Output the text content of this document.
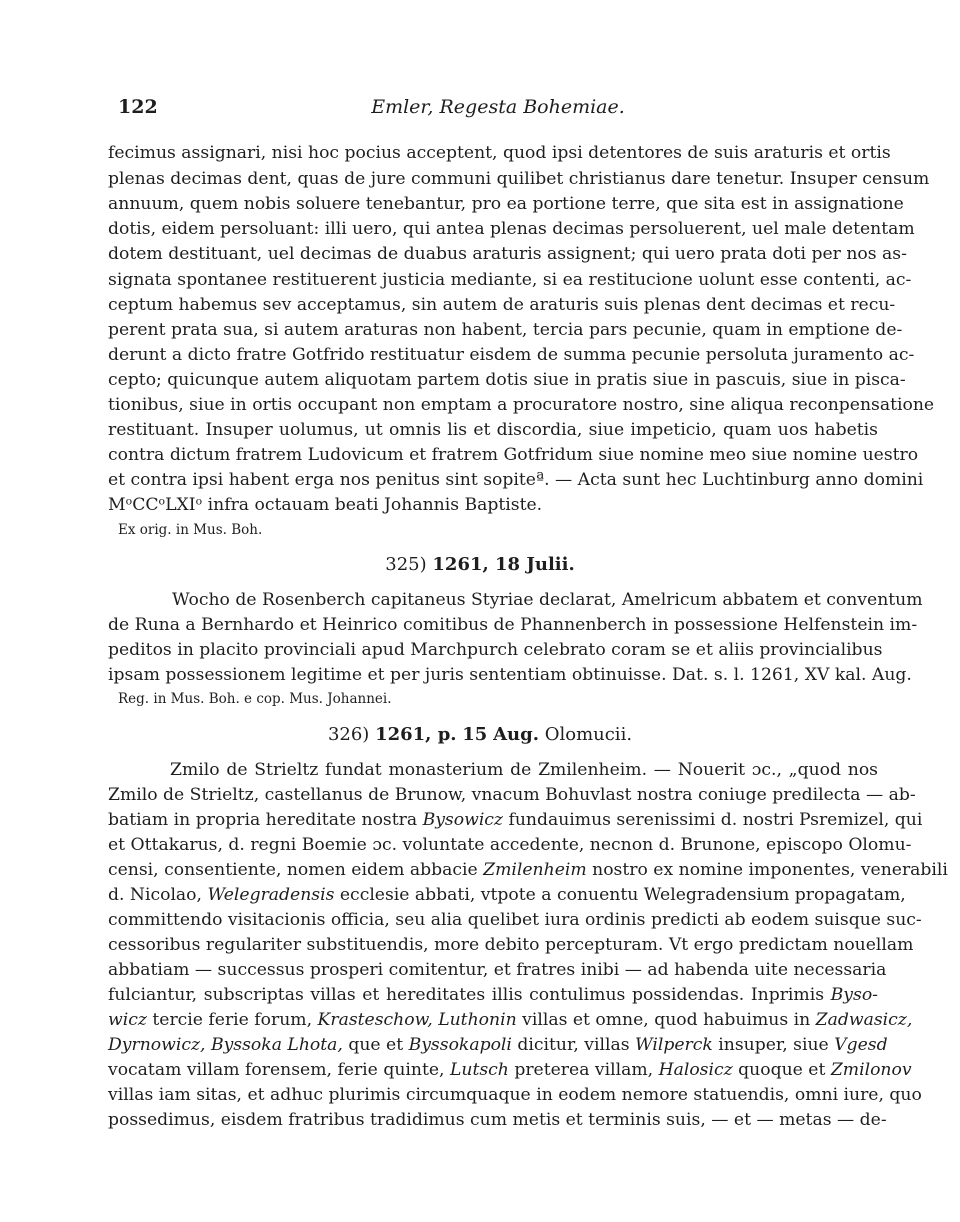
122	Emler, Regesta Bohemiae.
fecimus assignari, nisi hoc pocius acceptent, quod ipsi detentores de suis araturis et ortis
plenas decimas dent, quas de jure communi quilibet christianus dare tenetur. Insuper censum
annuum, quem nobis soluere tenebantur, pro ea portione terre, que sita est in assignatione
dotis, eidem persoluant: illi uero, qui antea plenas decimas persoluerent, uel male detentam
dotem destituant, uel decimas de duabus araturis assignent; qui uero prata doti per nos as-
signata spontanee restituerent justicia mediante, si ea restitucione uolunt esse contenti, ac-
ceptum habemus sev acceptamus, sin autem de araturis suis plenas dent decimas et recu-
perent prata sua, si autem araturas non habent, tercia pars pecunie, quam in emptione de-
derunt a dicto fratre Gotfrido restituatur eisdem de summa pecunie persoluta juramento ac-
cepto; quicunque autem aliquotam partem dotis siue in pratis siue in pascuis, siue in pisca-
tionibus, siue in ortis occupant non emptam a procuratore nostro, sine aliqua reconpensatione
restituant. Insuper uolumus, ut omnis lis et discordia, siue impeticio, quam uos habetis
contra dictum fratrem Ludovicum et fratrem Gotfridum siue nomine meo siue nomine uestro
et contra ipsi habent erga nos penitus sint sopiteª. — Acta sunt hec Luchtinburg anno domini
MᵒCCᵒLXIᵒ infra octauam beati Johannis Baptiste.
Ex orig. in Mus. Boh.
325) 1261, 18 Julii.
Wocho de Rosenberch capitaneus Styriae declarat, Amelricum abbatem et conventum
de Runa a Bernhardo et Heinrico comitibus de Phannenberch in possessione Helfenstein im-
peditos in placito provinciali apud Marchpurch celebrato coram se et aliis provincialibus
ipsam possessionem legitime et per juris sententiam obtinuisse. Dat. s. l. 1261, XV kal. Aug.
Reg. in Mus. Boh. e cop. Mus. Johannei.
326) 1261, p. 15 Aug. Olomucii.
Zmilo de Strieltz fundat monasterium de Zmilenheim. — Nouerit ɔc., „quod nos
Zmilo de Strieltz, castellanus de Brunow, vnacum Bohuvlast nostra coniuge predilecta — ab-
batiam in propria hereditate nostra Bysowicz fundauimus serenissimi d. nostri Psremizel, qui
et Ottakarus, d. regni Boemie ɔc. voluntate accedente, necnon d. Brunone, episcopo Olomu-
censi, consentiente, nomen eidem abbacie Zmilenheim nostro ex nomine imponentes, venerabili
d. Nicolao, Welegradensis ecclesie abbati, vtpote a conuentu Welegradensium propagatam,
committendo visitacionis officia, seu alia quelibet iura ordinis predicti ab eodem suisque suc-
cessoribus regulariter substituendis, more debito percepturam. Vt ergo predictam nouellam
abbatiam — successus prosperi comitentur, et fratres inibi — ad habenda uite necessaria
fulciantur, subscriptas villas et hereditates illis contulimus possidendas. Inprimis Byso-
wicz tercie ferie forum, Krasteschow, Luthonin villas et omne, quod habuimus in Zadwasicz,
Dyrnowicz, Byssoka Lhota, que et Byssokapoli dicitur, villas Wilperck insuper, siue Vgesd
vocatam villam forensem, ferie quinte, Lutsch preterea villam, Halosicz quoque et Zmilonov
villas iam sitas, et adhuc plurimis circumquaque in eodem nemore statuendis, omni iure, quo
possedimus, eisdem fratribus tradidimus cum metis et terminis suis, — et — metas — de-
